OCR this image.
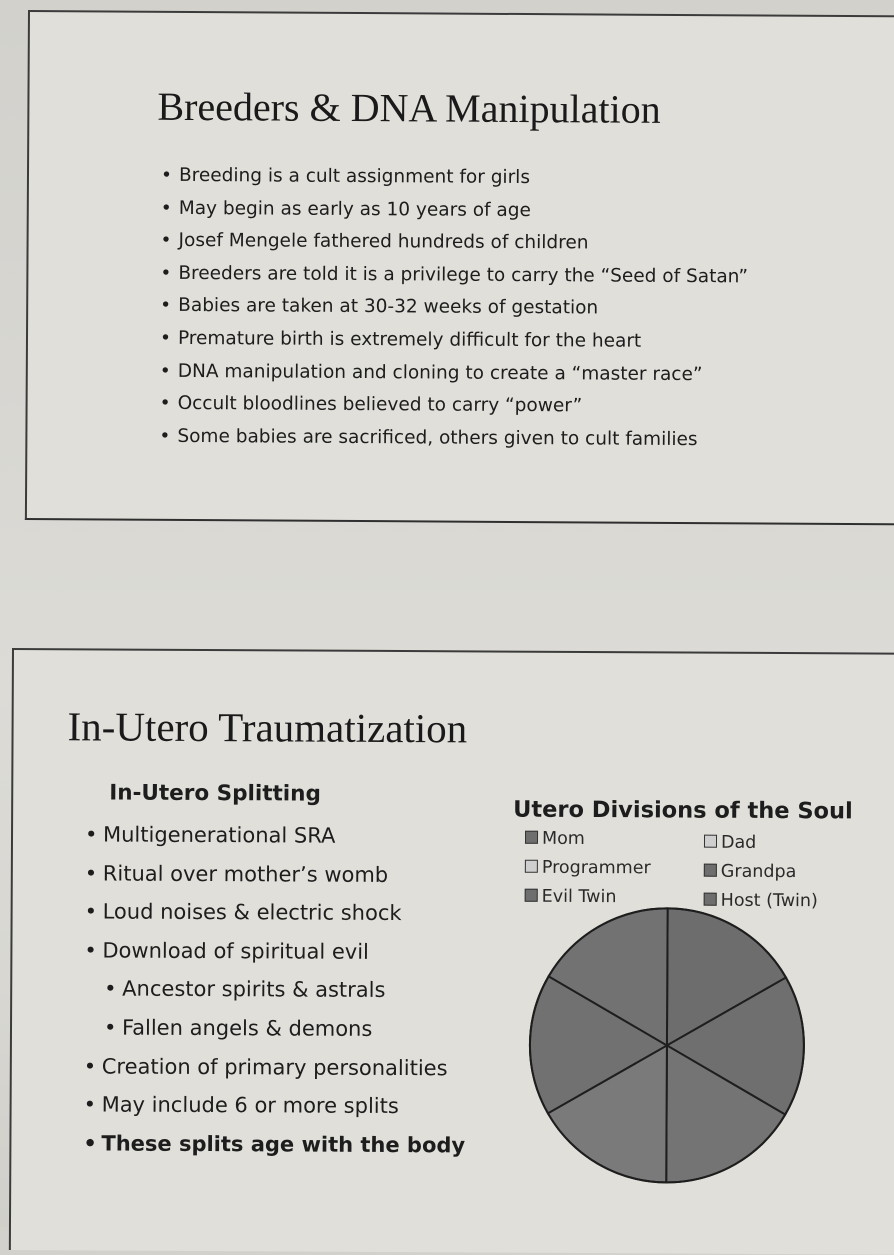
Breeders & DNA Manipulation
• Breeding is a cult assignment for girls
• May begin as early as 10 years of age
• Josef Mengele fathered hundreds of children
• Breeders are told it is a privilege to carry the “Seed of Satan”
• Babies are taken at 30-32 weeks of gestation
• Premature birth is extremely difficult for the heart
• DNA manipulation and cloning to create a “master race”
• Occult bloodlines believed to carry “power”
• Some babies are sacrificed, others given to cult families
In-Utero Traumatization
In-Utero Splitting
• Multigenerational SRA
• Ritual over mother’s womb
• Loud noises & electric shock
• Download of spiritual evil
• Ancestor spirits & astrals
• Fallen angels & demons
• Creation of primary personalities
• May include 6 or more splits
• These splits age with the body
Utero Divisions of the Soul
Mom	Dad
Programmer	Grandpa
Evil Twin	Host (Twin)
